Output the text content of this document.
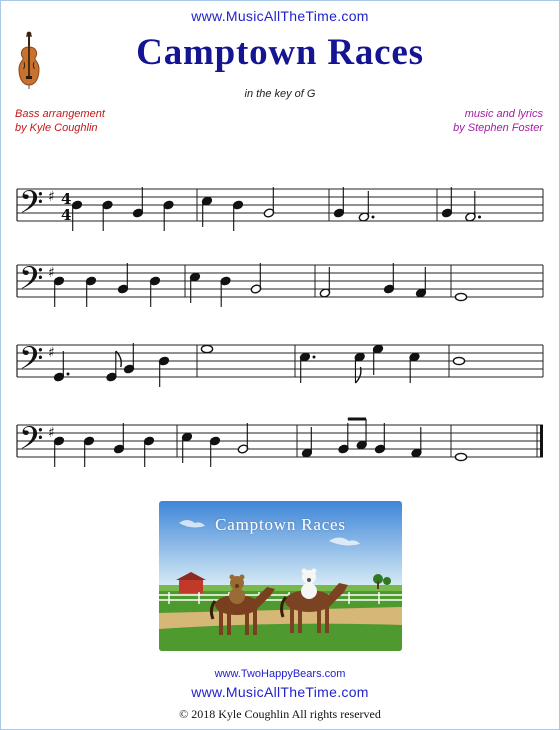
www.MusicAllTheTime.com
Camptown Races
in the key of G
Bass arrangement
by Kyle Coughlin
music and lyrics
by Stephen Foster
𝄢 ♯ 4
4
𝄢 ♯
𝄢 ♯
𝄢 ♯
Camptown Races
www.TwoHappyBears.com
www.MusicAllTheTime.com
© 2018 Kyle Coughlin All rights reserved
